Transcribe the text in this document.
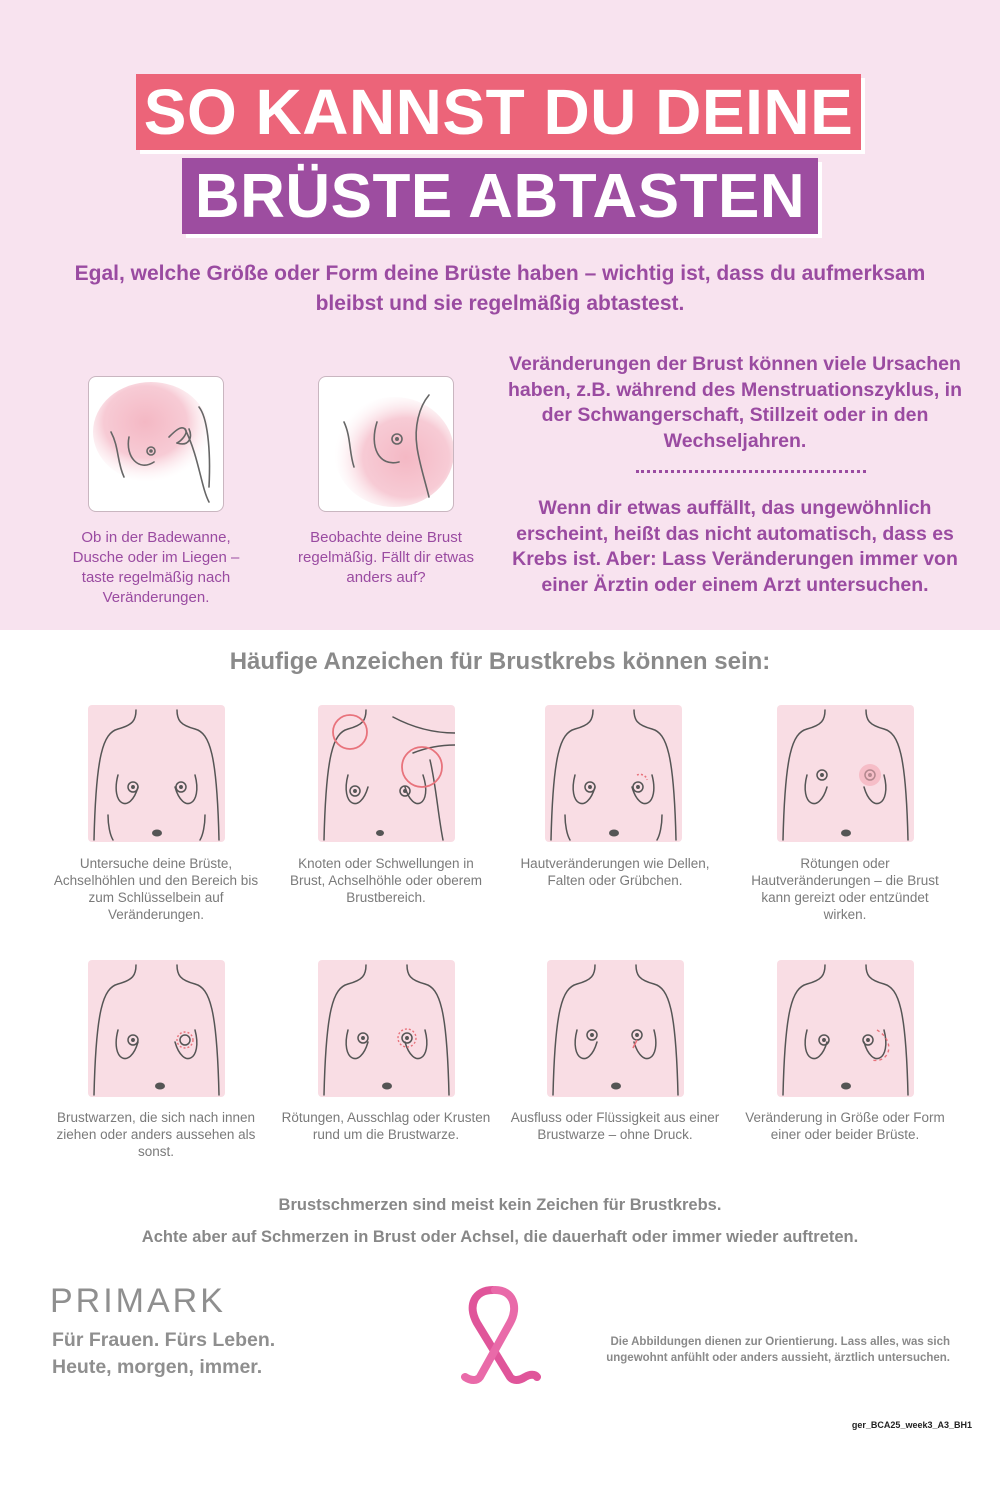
SO KANNST DU DEINE
BRÜSTE ABTASTEN
Egal, welche Größe oder Form deine Brüste haben – wichtig ist, dass du aufmerksam bleibst und sie regelmäßig abtastest.
Ob in der Badewanne, Dusche oder im Liegen – taste regelmäßig nach Veränderungen.
Beobachte deine Brust regelmäßig. Fällt dir etwas anders auf?
Veränderungen der Brust können viele Ursachen haben, z.B. während des Menstruationszyklus, in der Schwangerschaft, Stillzeit oder in den Wechseljahren.
Wenn dir etwas auffällt, das ungewöhnlich erscheint, heißt das nicht automatisch, dass es Krebs ist. Aber: Lass Veränderungen immer von einer Ärztin oder einem Arzt untersuchen.
Häufige Anzeichen für Brustkrebs können sein:
Untersuche deine Brüste, Achselhöhlen und den Bereich bis zum Schlüsselbein auf Veränderungen.
Knoten oder Schwellungen in Brust, Achselhöhle oder oberem Brustbereich.
Hautveränderungen wie Dellen, Falten oder Grübchen.
Rötungen oder Hautveränderungen – die Brust kann gereizt oder entzündet wirken.
Brustwarzen, die sich nach innen ziehen oder anders aussehen als sonst.
Rötungen, Ausschlag oder Krusten rund um die Brustwarze.
Ausfluss oder Flüssigkeit aus einer Brustwarze – ohne Druck.
Veränderung in Größe oder Form einer oder beider Brüste.
Brustschmerzen sind meist kein Zeichen für Brustkrebs.
Achte aber auf Schmerzen in Brust oder Achsel, die dauerhaft oder immer wieder auftreten.
PRIMARK
Für Frauen. Fürs Leben.
Heute, morgen, immer.
Die Abbildungen dienen zur Orientierung. Lass alles, was sich ungewohnt anfühlt oder anders aussieht, ärztlich untersuchen.
ger_BCA25_week3_A3_BH1
